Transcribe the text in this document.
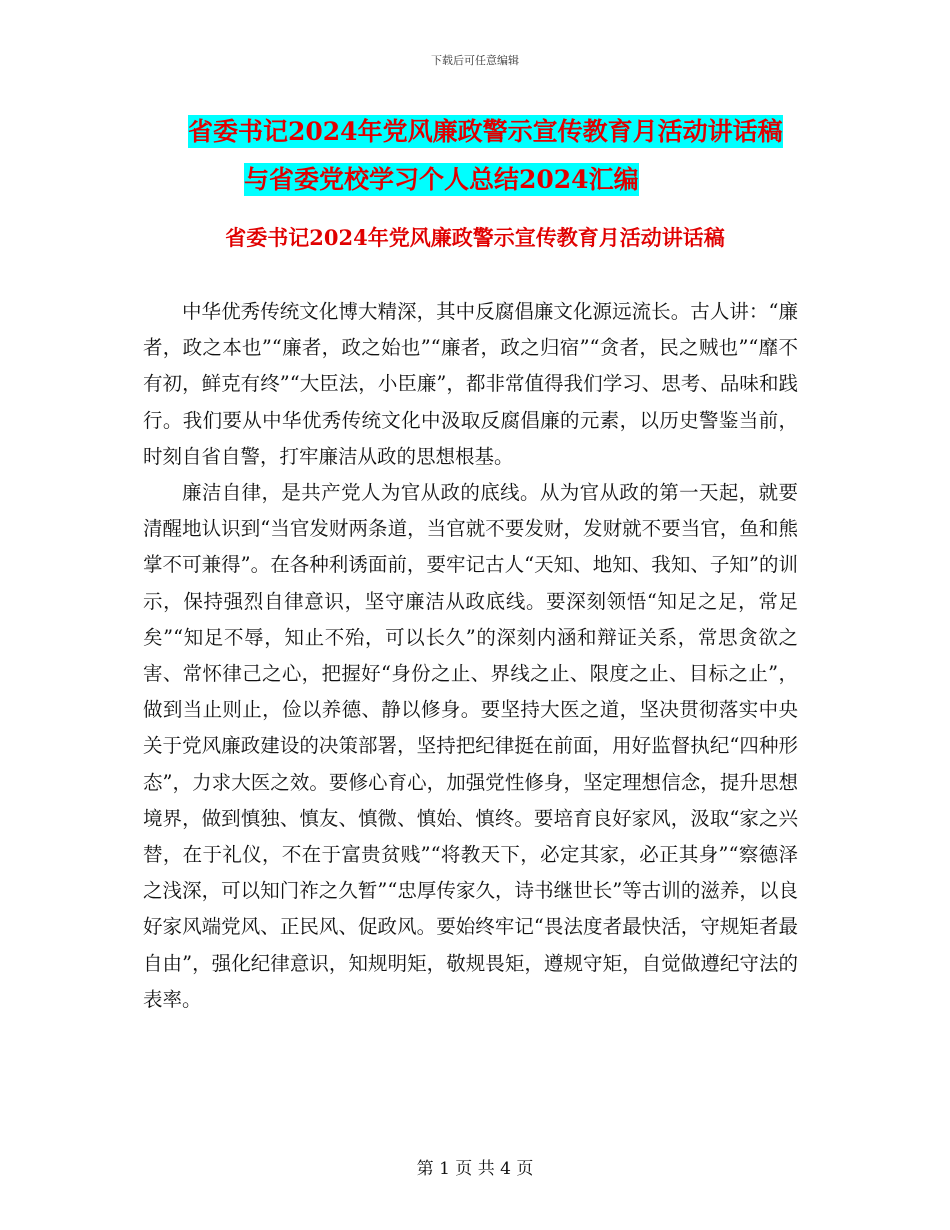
下载后可任意编辑
省委书记2024年党风廉政警示宣传教育月活动讲话稿
与省委党校学习个人总结2024汇编
省委书记2024年党风廉政警示宣传教育月活动讲话稿

中华优秀传统文化博大精深，其中反腐倡廉文化源远流长。古人讲：“廉者，政之本也”“廉者，政之始也”“廉者，政之归宿”“贪者，民之贼也”“靡不有初，鲜克有终”“大臣法，小臣廉”，都非常值得我们学习、思考、品味和践行。我们要从中华优秀传统文化中汲取反腐倡廉的元素，以历史警鉴当前，时刻自省自警，打牢廉洁从政的思想根基。

廉洁自律，是共产党人为官从政的底线。从为官从政的第一天起，就要清醒地认识到“当官发财两条道，当官就不要发财，发财就不要当官，鱼和熊掌不可兼得”。在各种利诱面前，要牢记古人“天知、地知、我知、子知”的训示，保持强烈自律意识，坚守廉洁从政底线。要深刻领悟“知足之足，常足矣”“知足不辱，知止不殆，可以长久”的深刻内涵和辩证关系，常思贪欲之害、常怀律己之心，把握好“身份之止、界线之止、限度之止、目标之止”，做到当止则止，俭以养德、静以修身。要坚持大医之道，坚决贯彻落实中央关于党风廉政建设的决策部署，坚持把纪律挺在前面，用好监督执纪“四种形态”，力求大医之效。要修心育心，加强党性修身，坚定理想信念，提升思想境界，做到慎独、慎友、慎微、慎始、慎终。要培育良好家风，汲取“家之兴替，在于礼仪，不在于富贵贫贱”“将教天下，必定其家，必正其身”“察德泽之浅深，可以知门祚之久暂”“忠厚传家久，诗书继世长”等古训的滋养，以良好家风端党风、正民风、促政风。要始终牢记“畏法度者最快活，守规矩者最自由”，强化纪律意识，知规明矩，敬规畏矩，遵规守矩，自觉做遵纪守法的表率。

第 1 页 共 4 页
